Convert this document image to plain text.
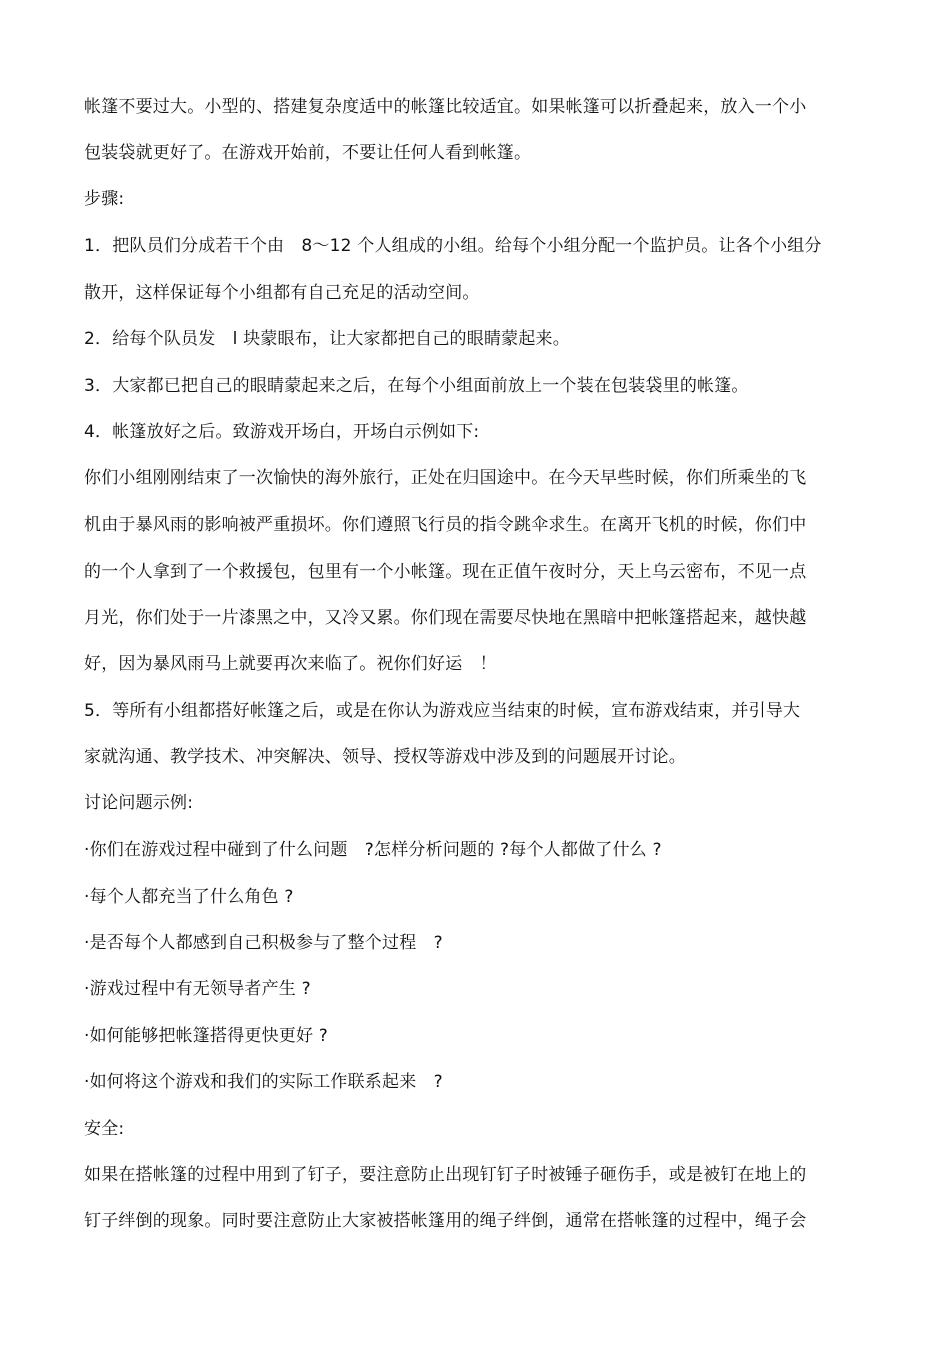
帐篷不要过大。小型的、搭建复杂度适中的帐篷比较适宜。如果帐篷可以折叠起来，放入一个小
包装袋就更好了。在游戏开始前，不要让任何人看到帐篷。
步骤:
1．把队员们分成若干个由　8～12 个人组成的小组。给每个小组分配一个监护员。让各个小组分
散开，这样保证每个小组都有自己充足的活动空间。
2．给每个队员发　l 块蒙眼布，让大家都把自己的眼睛蒙起来。
3．大家都已把自己的眼睛蒙起来之后，在每个小组面前放上一个装在包装袋里的帐篷。
4．帐篷放好之后。致游戏开场白，开场白示例如下:
你们小组刚刚结束了一次愉快的海外旅行，正处在归国途中。在今天早些时候，你们所乘坐的飞
机由于暴风雨的影响被严重损坏。你们遵照飞行员的指令跳伞求生。在离开飞机的时候，你们中
的一个人拿到了一个救援包，包里有一个小帐篷。现在正值午夜时分，天上乌云密布，不见一点
月光，你们处于一片漆黑之中，又冷又累。你们现在需要尽快地在黑暗中把帐篷搭起来，越快越
好，因为暴风雨马上就要再次来临了。祝你们好运　！
5．等所有小组都搭好帐篷之后，或是在你认为游戏应当结束的时候，宣布游戏结束，并引导大
家就沟通、教学技术、冲突解决、领导、授权等游戏中涉及到的问题展开讨论。
讨论问题示例:
·你们在游戏过程中碰到了什么问题　?怎样分析问题的 ?每个人都做了什么 ?
·每个人都充当了什么角色 ?
·是否每个人都感到自己积极参与了整个过程　?
·游戏过程中有无领导者产生 ?
·如何能够把帐篷搭得更快更好 ?
·如何将这个游戏和我们的实际工作联系起来　?
安全:
如果在搭帐篷的过程中用到了钉子，要注意防止出现钉钉子时被锤子砸伤手，或是被钉在地上的
钉子绊倒的现象。同时要注意防止大家被搭帐篷用的绳子绊倒，通常在搭帐篷的过程中，绳子会
